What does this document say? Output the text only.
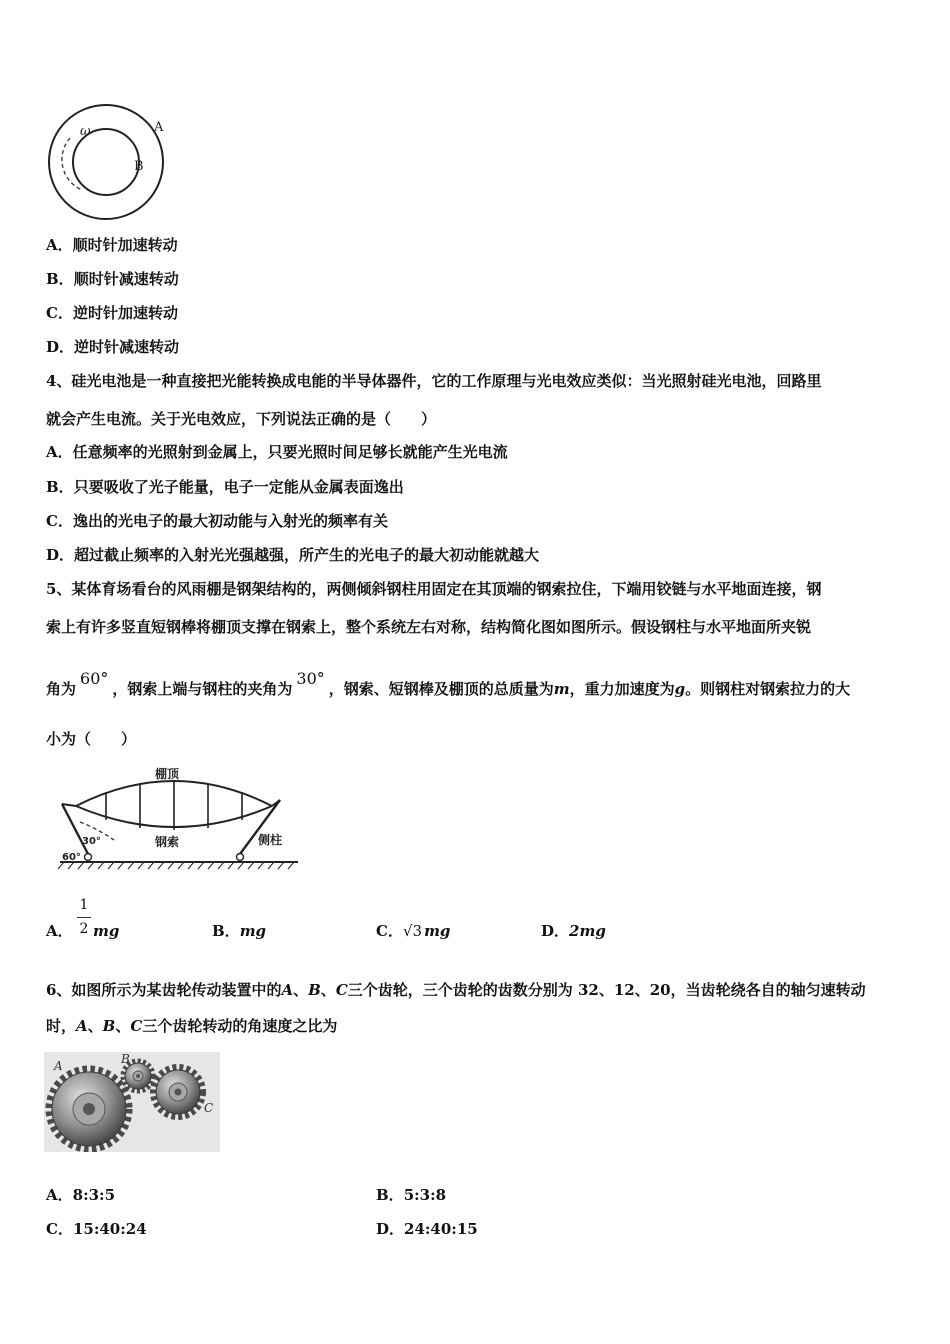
ω	A
B
A．顺时针加速转动
B．顺时针减速转动
C．逆时针加速转动
D．逆时针减速转动
4、硅光电池是一种直接把光能转换成电能的半导体器件，它的工作原理与光电效应类似：当光照射硅光电池，回路里
就会产生电流。关于光电效应，下列说法正确的是（　　）
A．任意频率的光照射到金属上，只要光照时间足够长就能产生光电流
B．只要吸收了光子能量，电子一定能从金属表面逸出
C．逸出的光电子的最大初动能与入射光的频率有关
D．超过截止频率的入射光光强越强，所产生的光电子的最大初动能就越大
5、某体育场看台的风雨棚是钢架结构的，两侧倾斜钢柱用固定在其顶端的钢索拉住，下端用铰链与水平地面连接，钢
索上有许多竖直短钢棒将棚顶支撑在钢索上，整个系统左右对称，结构简化图如图所示。假设钢柱与水平地面所夹锐
角为60°，钢索上端与钢柱的夹角为30°，钢索、短钢棒及棚顶的总质量为m，重力加速度为g。则钢柱对钢索拉力的大
小为（　　）
棚顶
钢索	侧柱
30°
60°
A．
1
2 mg	B．mg	C．√3 mg	D．2mg
6、如图所示为某齿轮传动装置中的A、B、C三个齿轮，三个齿轮的齿数分别为 32、12、20，当齿轮绕各自的轴匀速转动
时，A、B、C三个齿轮转动的角速度之比为
A	B
C
A．8:3:5	B．5:3:8
C．15:40:24	D．24:40:15
